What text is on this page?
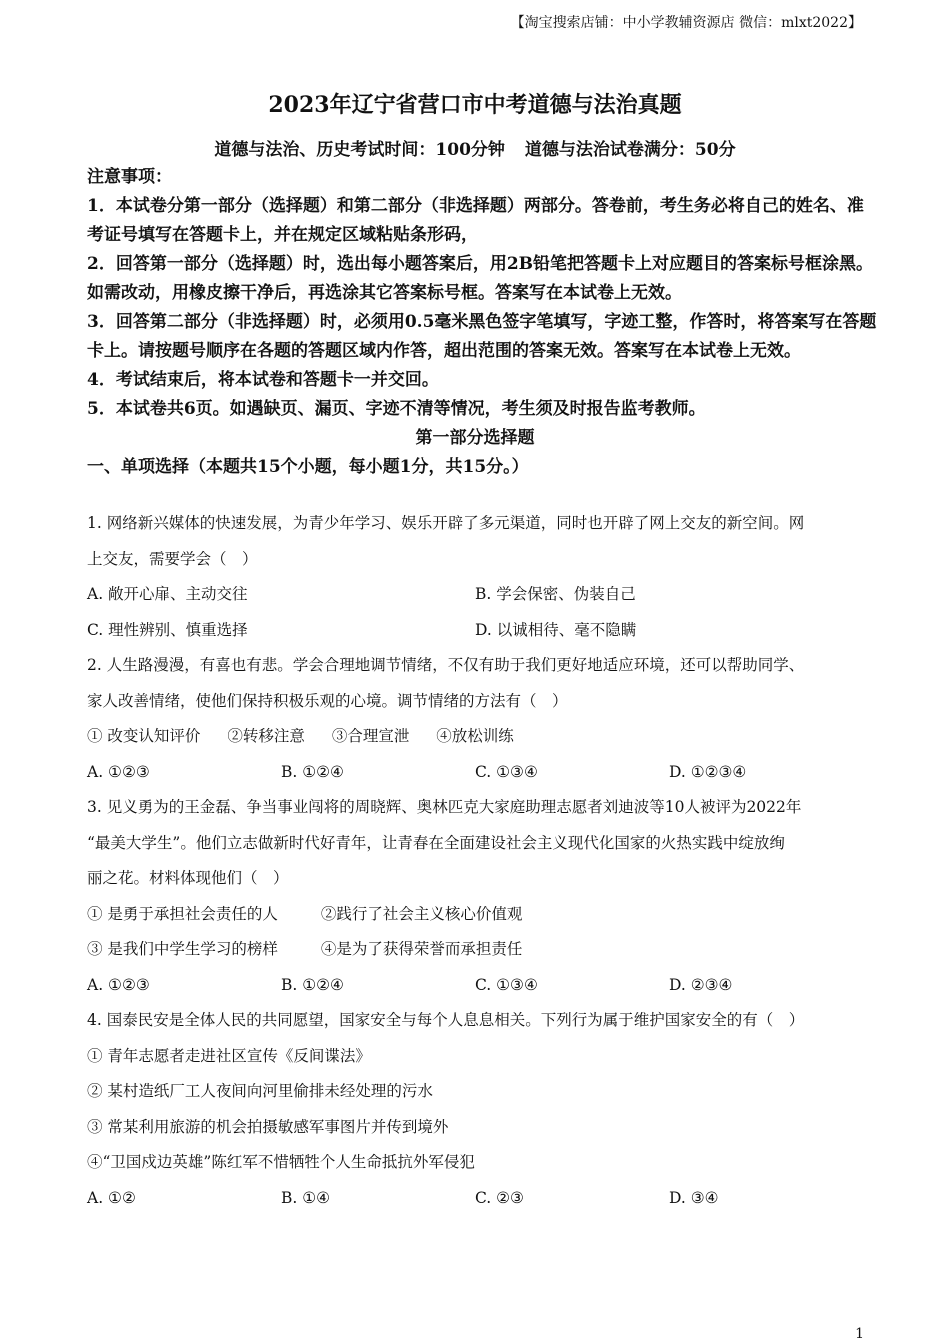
【淘宝搜索店铺：中小学教辅资源店 微信：mlxt2022】
2023年辽宁省营口市中考道德与法治真题
道德与法治、历史考试时间：100分钟 道德与法治试卷满分：50分

注意事项：

1．本试卷分第一部分（选择题）和第二部分（非选择题）两部分。答卷前，考生务必将自己的姓名、准考证号填写在答题卡上，并在规定区域粘贴条形码，

2．回答第一部分（选择题）时，选出每小题答案后，用2B铅笔把答题卡上对应题目的答案标号框涂黑。如需改动，用橡皮擦干净后，再选涂其它答案标号框。答案写在本试卷上无效。

3．回答第二部分（非选择题）时，必须用0.5毫米黑色签字笔填写，字迹工整，作答时，将答案写在答题卡上。请按题号顺序在各题的答题区域内作答，超出范围的答案无效。答案写在本试卷上无效。

4．考试结束后，将本试卷和答题卡一并交回。

5．本试卷共6页。如遇缺页、漏页、字迹不清等情况，考生须及时报告监考教师。

第一部分选择题

一、单项选择（本题共15个小题，每小题1分，共15分。）

1. 网络新兴媒体的快速发展，为青少年学习、娱乐开辟了多元渠道，同时也开辟了网上交友的新空间。网
上交友，需要学会（　）
A. 敞开心扉、主动交往	B. 学会保密、伪装自己
C. 理性辨别、慎重选择	D. 以诚相待、毫不隐瞒
2. 人生路漫漫，有喜也有悲。学会合理地调节情绪，不仅有助于我们更好地适应环境，还可以帮助同学、
家人改善情绪，使他们保持积极乐观的心境。调节情绪的方法有（　）
① 改变认知评价 ②转移注意 ③合理宣泄 ④放松训练
A. ①②③	B. ①②④	C. ①③④	D. ①②③④
3. 见义勇为的王金磊、争当事业闯将的周晓辉、奥林匹克大家庭助理志愿者刘迪波等10人被评为2022年
“最美大学生”。他们立志做新时代好青年，让青春在全面建设社会主义现代化国家的火热实践中绽放绚
丽之花。材料体现他们（　）
① 是勇于承担社会责任的人	②践行了社会主义核心价值观
③ 是我们中学生学习的榜样	④是为了获得荣誉而承担责任
A. ①②③	B. ①②④	C. ①③④	D. ②③④
4. 国泰民安是全体人民的共同愿望，国家安全与每个人息息相关。下列行为属于维护国家安全的有（　）
① 青年志愿者走进社区宣传《反间谍法》
② 某村造纸厂工人夜间向河里偷排未经处理的污水
③ 常某利用旅游的机会拍摄敏感军事图片并传到境外
④“卫国戍边英雄”陈红军不惜牺牲个人生命抵抗外军侵犯
A. ①②	B. ①④	C. ②③	D. ③④
1
